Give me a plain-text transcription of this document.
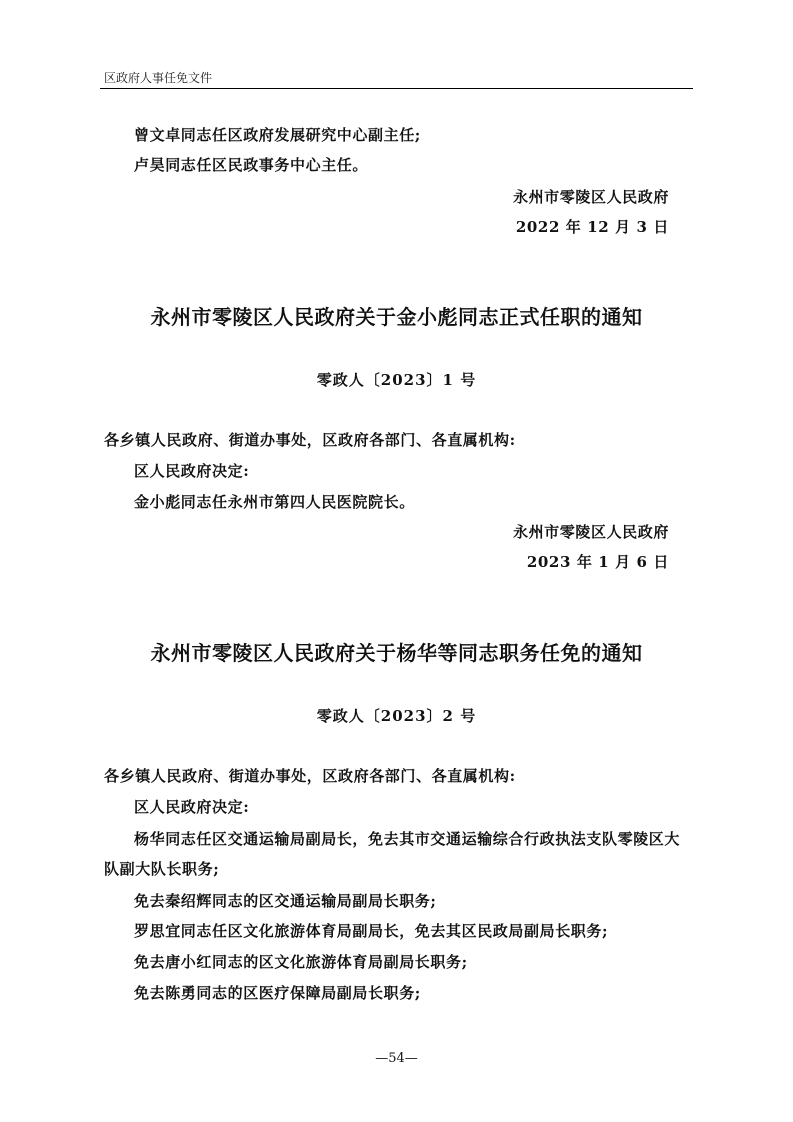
区政府人事任免文件
曾文卓同志任区政府发展研究中心副主任;
卢昊同志任区民政事务中心主任。
永州市零陵区人民政府
2022 年 12 月 3 日
永州市零陵区人民政府关于金小彪同志正式任职的通知
零政人〔2023〕1 号
各乡镇人民政府、街道办事处，区政府各部门、各直属机构:
区人民政府决定:
金小彪同志任永州市第四人民医院院长。
永州市零陵区人民政府
2023 年 1 月 6 日
永州市零陵区人民政府关于杨华等同志职务任免的通知
零政人〔2023〕2 号
各乡镇人民政府、街道办事处，区政府各部门、各直属机构:
区人民政府决定:
杨华同志任区交通运输局副局长，免去其市交通运输综合行政执法支队零陵区大
队副大队长职务;
免去秦绍辉同志的区交通运输局副局长职务;
罗思宜同志任区文化旅游体育局副局长，免去其区民政局副局长职务;
免去唐小红同志的区文化旅游体育局副局长职务;
免去陈勇同志的区医疗保障局副局长职务;
—54—
